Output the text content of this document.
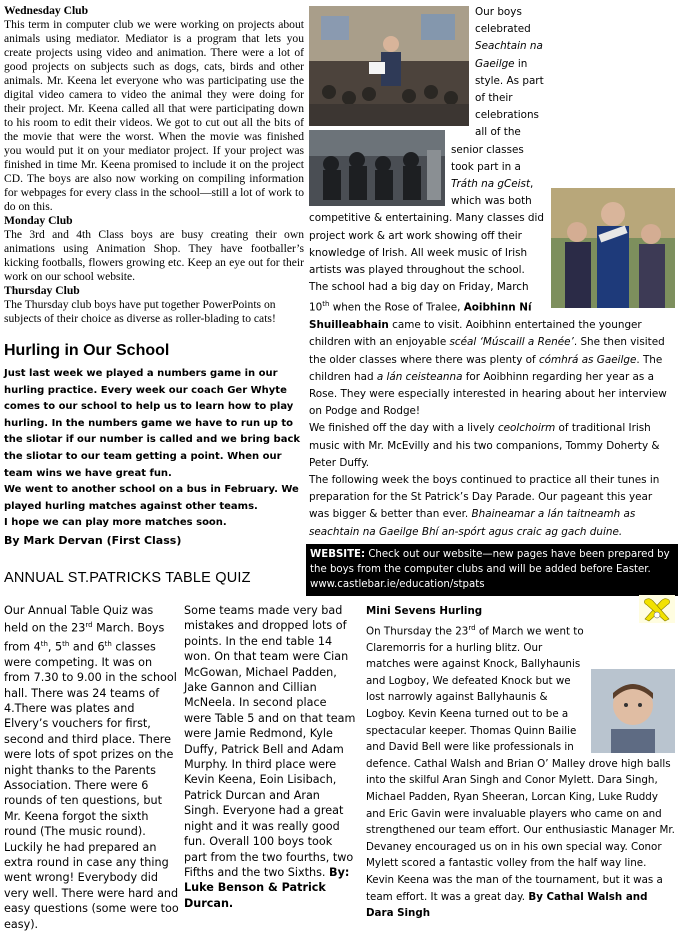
Wednesday Club

This term in computer club we were working on projects about animals using mediator. Mediator is a program that lets you create projects using video and animation. There were a lot of good projects on subjects such as dogs, cats, birds and other animals. Mr. Keena let everyone who was participating use the digital video camera to video the animal they were doing for their project. Mr. Keena called all that were participating down to his room to edit their videos. We got to cut out all the bits of the movie that were the worst. When the movie was finished you would put it on your mediator project. If your project was finished in time Mr. Keena promised to include it on the project CD. The boys are also now working on compiling information for webpages for every class in the school—still a lot of work to do on this.

Monday Club

The 3rd and 4th Class boys are busy creating their own animations using Animation Shop. They have footballer’s kicking footballs, flowers growing etc. Keep an eye out for their work on our school website.

Thursday Club

The Thursday club boys have put together PowerPoints on subjects of their choice as diverse as roller-blading to cats!

Hurling in Our School

Just last week we played a numbers game in our hurling practice. Every week our coach Ger Whyte comes to our school to help us to learn how to play hurling. In the numbers game we have to run up to the sliotar if our number is called and we bring back the sliotar to our team getting a point. When our team wins we have great fun.

We went to another school on a bus in February. We played hurling matches against other teams.

I hope we can play more matches soon.

By Mark Dervan (First Class)
ANNUAL ST.PATRICKS TABLE QUIZ
Our Annual Table Quiz was held on the 23rd March. Boys from 4th, 5th and 6th classes were competing. It was on from 7.30 to 9.00 in the school hall. There was 24 teams of 4.There was plates and Elvery’s vouchers for first, second and third place. There were lots of spot prizes on the night thanks to the Parents Association. There were 6 rounds of ten questions, but Mr. Keena forgot the sixth round (The music round). Luckily he had prepared an extra round in case any thing went wrong! Everybody did very well. There were hard and easy questions (some were too easy).
Some teams made very bad mistakes and dropped lots of points. In the end table 14 won. On that team were Cian McGowan, Michael Padden, Jake Gannon and Cillian McNeela. In second place were Table 5 and on that team were Jamie Redmond, Kyle Duffy, Patrick Bell and Adam Murphy. In third place were Kevin Keena, Eoin Lisibach, Patrick Durcan and Aran Singh. Everyone had a great night and it was really good fun. Overall 100 boys took part from the two fourths, two Fifths and the two Sixths. By: Luke Benson & Patrick Durcan.
Our boys celebrated Seachtain na Gaeilge in style. As part of their celebrations all of the senior classes took part in a Tráth na gCeist, which was both competitive & entertaining. Many classes did project work & art work showing off their knowledge of Irish. All week music of Irish artists was played throughout the school.
The school had a big day on Friday, March 10th when the Rose of Tralee, Aoibhinn Ní Shuilleabhain came to visit. Aoibhinn entertained the younger children with an enjoyable scéal ‘Múscaill a Renée’. She then visited the older classes where there was plenty of cómhrá as Gaeilge. The children had a lán ceisteanna for Aoibhinn regarding her year as a Rose. They were especially interested in hearing about her interview on Podge and Rodge!
We finished off the day with a lively ceolchoirm of traditional Irish music with Mr. McEvilly and his two companions, Tommy Doherty & Peter Duffy.
The following week the boys continued to practice all their tunes in preparation for the St Patrick’s Day Parade. Our pageant this year was bigger & better than ever. Bhaineamar a lán taitneamh as seachtain na Gaeilge Bhí an-spórt agus craic ag gach duine.
WEBSITE: Check out our website—new pages have been prepared by the boys from the computer clubs and will be added before Easter. www.castlebar.ie/education/stpats
Mini Sevens Hurling
On Thursday the 23rd of March we went to Claremorris for a hurling blitz. Our matches were against Knock, Ballyhaunis and Logboy, We defeated Knock but we lost narrowly against Ballyhaunis & Logboy. Kevin Keena turned out to be a spectacular keeper. Thomas Quinn Bailie and David Bell were like professionals in defence. Cathal Walsh and Brian O’ Malley drove high balls into the skilful Aran Singh and Conor Mylett. Dara Singh, Michael Padden, Ryan Sheeran, Lorcan King, Luke Ruddy and Eric Gavin were invaluable players who came on and strengthened our team effort. Our enthusiastic Manager Mr. Devaney encouraged us on in his own special way. Conor Mylett scored a fantastic volley from the half way line. Kevin Keena was the man of the tournament, but it was a team effort. It was a great day. By Cathal Walsh and Dara Singh
